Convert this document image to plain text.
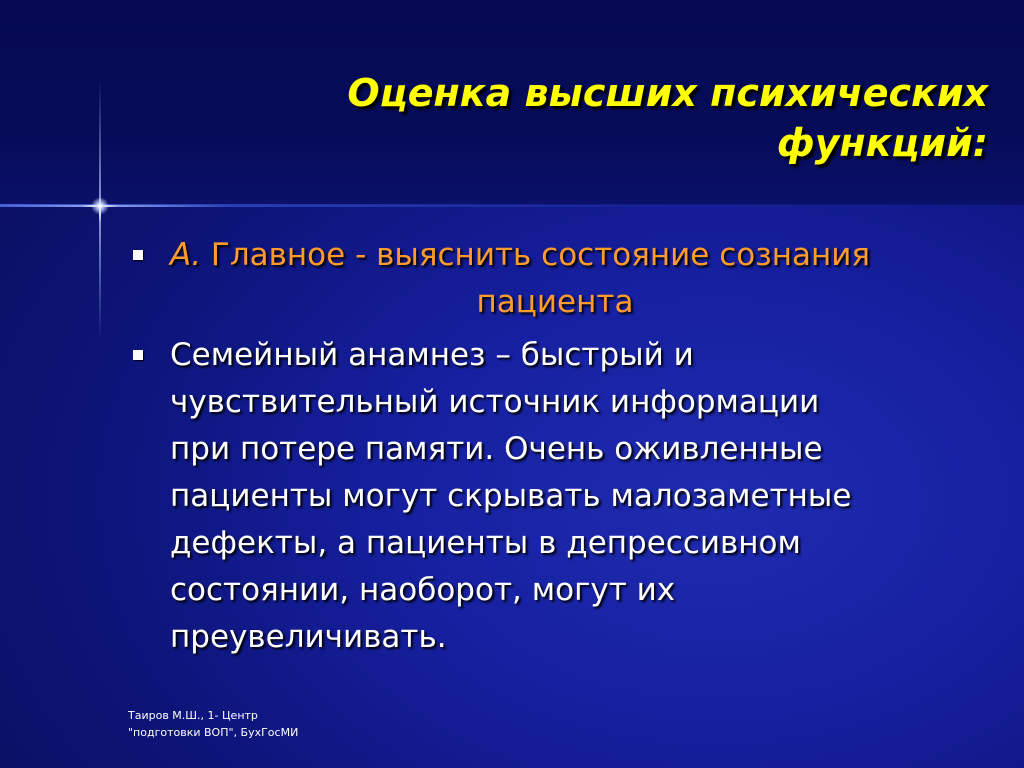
Оценка высших психических
функций:
А. Главное - выяснить состояние сознания
пациента
Семейный анамнез – быстрый и
чувствительный источник информации
при потере памяти. Очень оживленные
пациенты могут скрывать малозаметные
дефекты, а пациенты в депрессивном
состоянии, наоборот, могут их
преувеличивать.
Таиров М.Ш., 1- Центр
"подготовки ВОП", БухГосМИ
